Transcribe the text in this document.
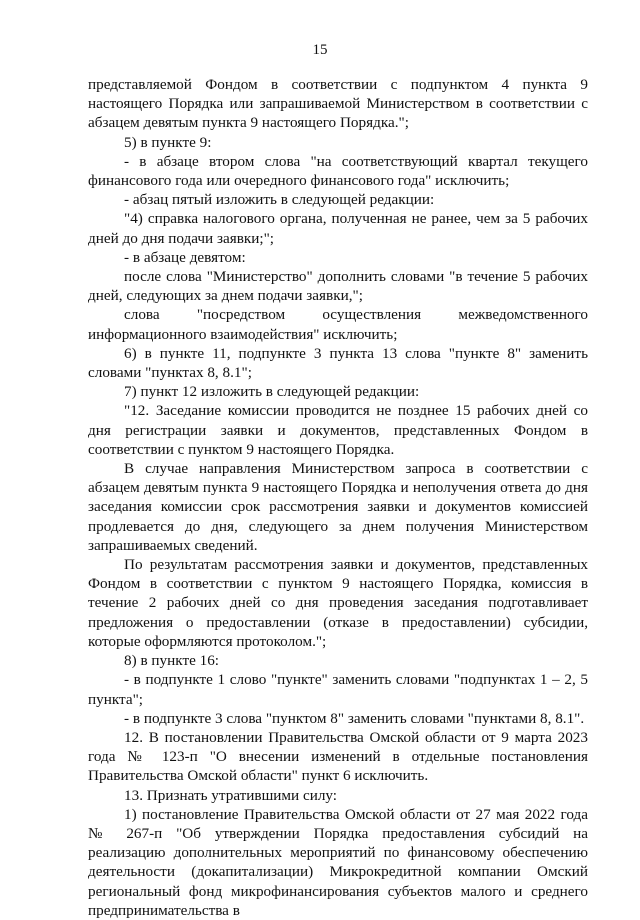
15

представляемой Фондом в соответствии с подпунктом 4 пункта 9 настоящего Порядка или запрашиваемой Министерством в соответствии с абзацем девятым пункта 9 настоящего Порядка.";

5) в пункте 9:

- в абзаце втором слова "на соответствующий квартал текущего финансового года или очередного финансового года" исключить;

- абзац пятый изложить в следующей редакции:

"4) справка налогового органа, полученная не ранее, чем за 5 рабочих дней до дня подачи заявки;";

- в абзаце девятом:

после слова "Министерство" дополнить словами "в течение 5 рабочих дней, следующих за днем подачи заявки,";

слова "посредством осуществления межведомственного информационного взаимодействия" исключить;

6) в пункте 11, подпункте 3 пункта 13 слова "пункте 8" заменить словами "пунктах 8, 8.1";

7) пункт 12 изложить в следующей редакции:

"12. Заседание комиссии проводится не позднее 15 рабочих дней со дня регистрации заявки и документов, представленных Фондом в соответствии с пунктом 9 настоящего Порядка.

В случае направления Министерством запроса в соответствии с абзацем девятым пункта 9 настоящего Порядка и неполучения ответа до дня заседания комиссии срок рассмотрения заявки и документов комиссией продлевается до дня, следующего за днем получения Министерством запрашиваемых сведений.

По результатам рассмотрения заявки и документов, представленных Фондом в соответствии с пунктом 9 настоящего Порядка, комиссия в течение 2 рабочих дней со дня проведения заседания подготавливает предложения о предоставлении (отказе в предоставлении) субсидии, которые оформляются протоколом.";

8) в пункте 16:

- в подпункте 1 слово "пункте" заменить словами "подпунктах 1 – 2, 5 пункта";

- в подпункте 3 слова "пунктом 8" заменить словами "пунктами 8, 8.1".

12. В постановлении Правительства Омской области от 9 марта 2023 года № 123-п "О внесении изменений в отдельные постановления Правительства Омской области" пункт 6 исключить.

13. Признать утратившими силу:

1) постановление Правительства Омской области от 27 мая 2022 года № 267-п "Об утверждении Порядка предоставления субсидий на реализацию дополнительных мероприятий по финансовому обеспечению деятельности (докапитализации) Микрокредитной компании Омский региональный фонд микрофинансирования субъектов малого и среднего предпринимательства в
